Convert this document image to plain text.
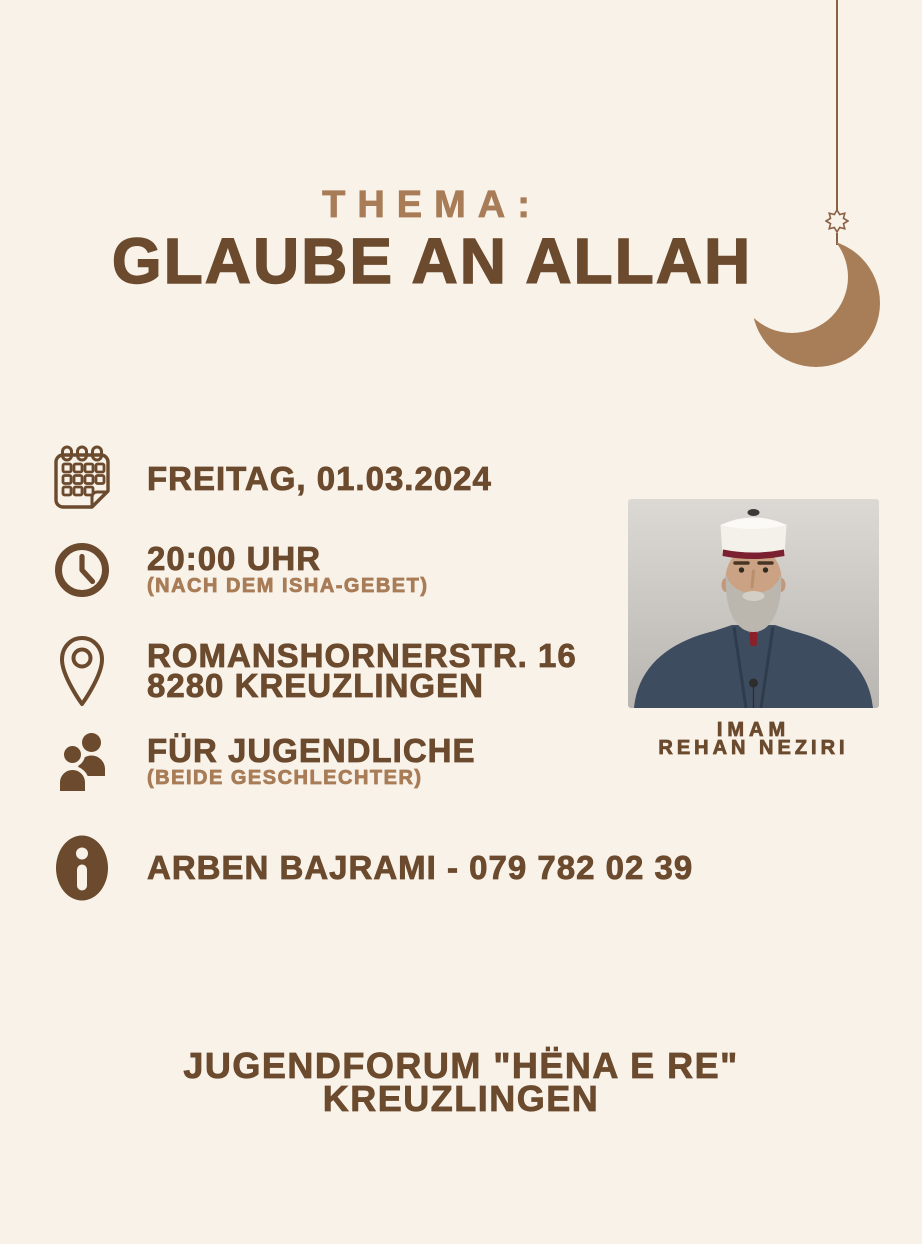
THEMA:
GLAUBE AN ALLAH
FREITAG, 01.03.2024
20:00 UHR
(NACH DEM ISHA-GEBET)
ROMANSHORNERSTR. 16
8280 KREUZLINGEN
FÜR JUGENDLICHE
(BEIDE GESCHLECHTER)
ARBEN BAJRAMI - 079 782 02 39
IMAM
REHAN NEZIRI
JUGENDFORUM "HËNA E RE"
KREUZLINGEN
